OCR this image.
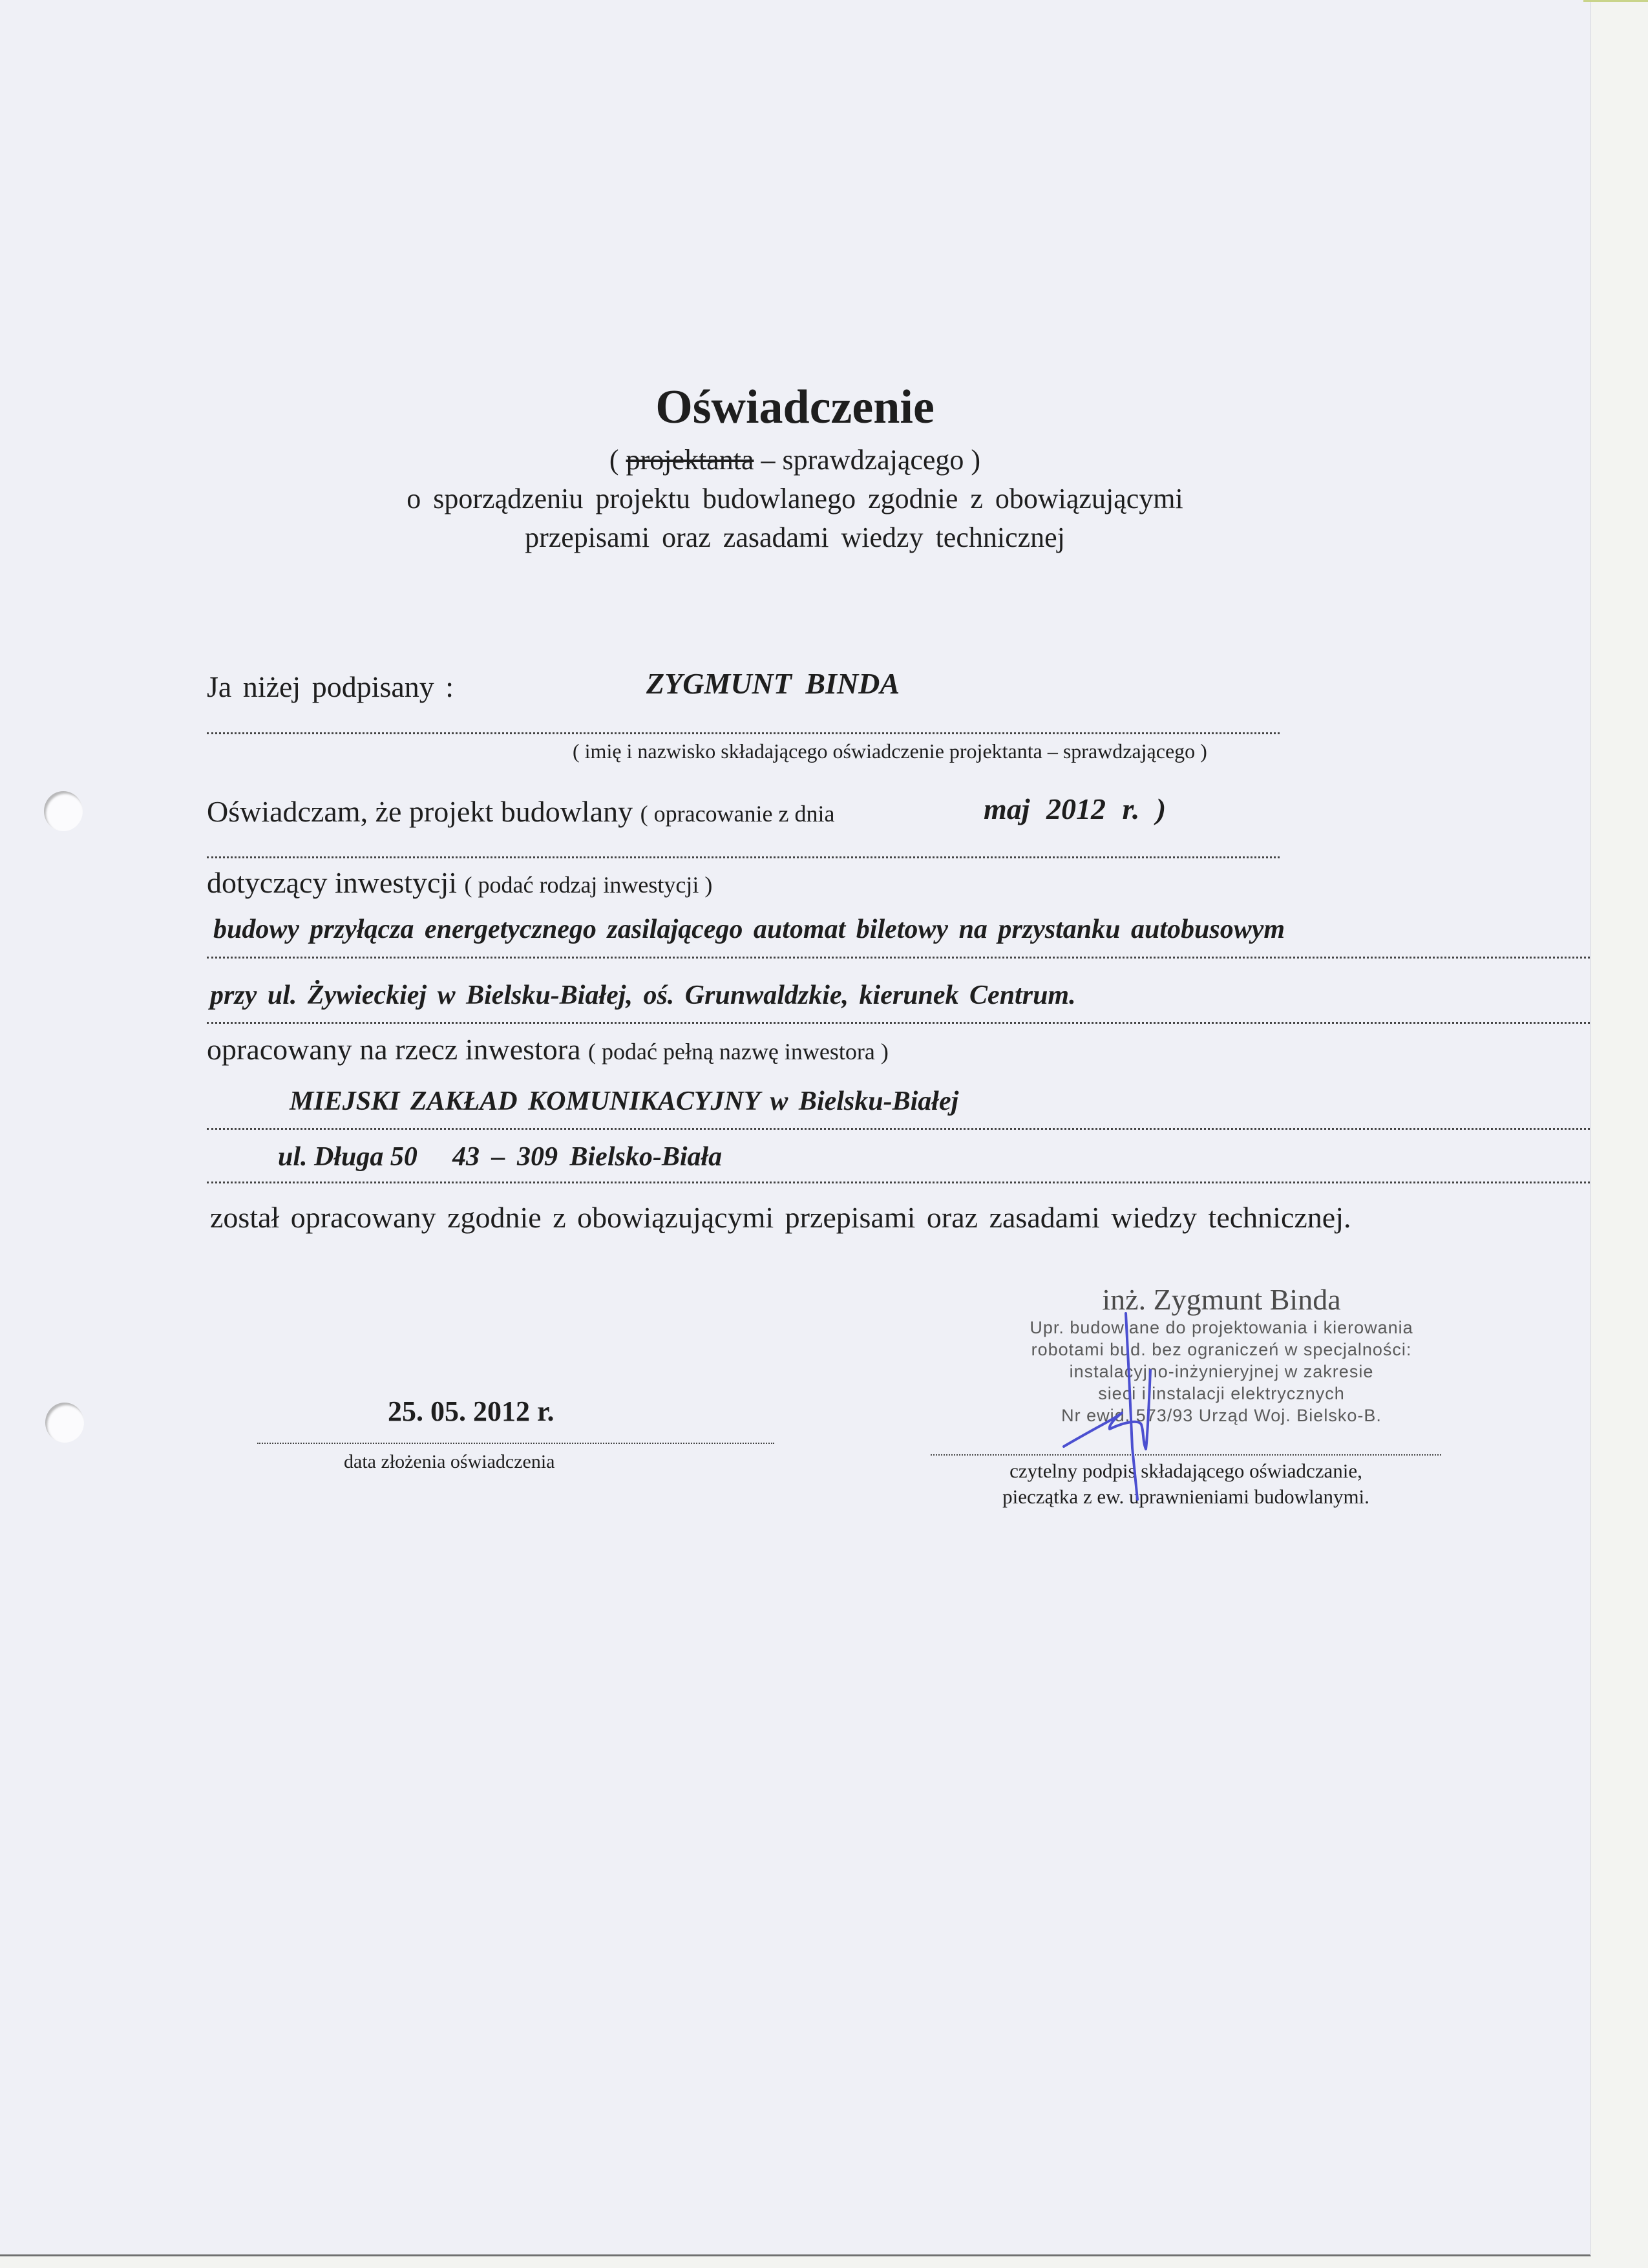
Oświadczenie
( projektanta – sprawdzającego )
o sporządzeniu projektu budowlanego zgodnie z obowiązującymi
przepisami oraz zasadami wiedzy technicznej
Ja niżej podpisany :	ZYGMUNT BINDA
( imię i nazwisko składającego oświadczenie projektanta – sprawdzającego )
Oświadczam, że projekt budowlany ( opracowanie z dnia	maj 2012 r. )
dotyczący inwestycji ( podać rodzaj inwestycji )
budowy przyłącza energetycznego zasilającego automat biletowy na przystanku autobusowym
przy ul. Żywieckiej w Bielsku-Białej, oś. Grunwaldzkie, kierunek Centrum.
opracowany na rzecz inwestora ( podać pełną nazwę inwestora )
MIEJSKI ZAKŁAD KOMUNIKACYJNY w Bielsku-Białej
ul. Długa 50 43 – 309 Bielsko-Biała
został opracowany zgodnie z obowiązującymi przepisami oraz zasadami wiedzy technicznej.
25. 05. 2012 r.
data złożenia oświadczenia
inż. Zygmunt Binda
Upr. budowlane do projektowania i kierowania
robotami bud. bez ograniczeń w specjalności:
instalacyjno-inżynieryjnej w zakresie
sieci i instalacji elektrycznych
Nr ewid. 573/93 Urząd Woj. Bielsko-B.
czytelny podpis składającego oświadczanie,
pieczątka z ew. uprawnieniami budowlanymi.
